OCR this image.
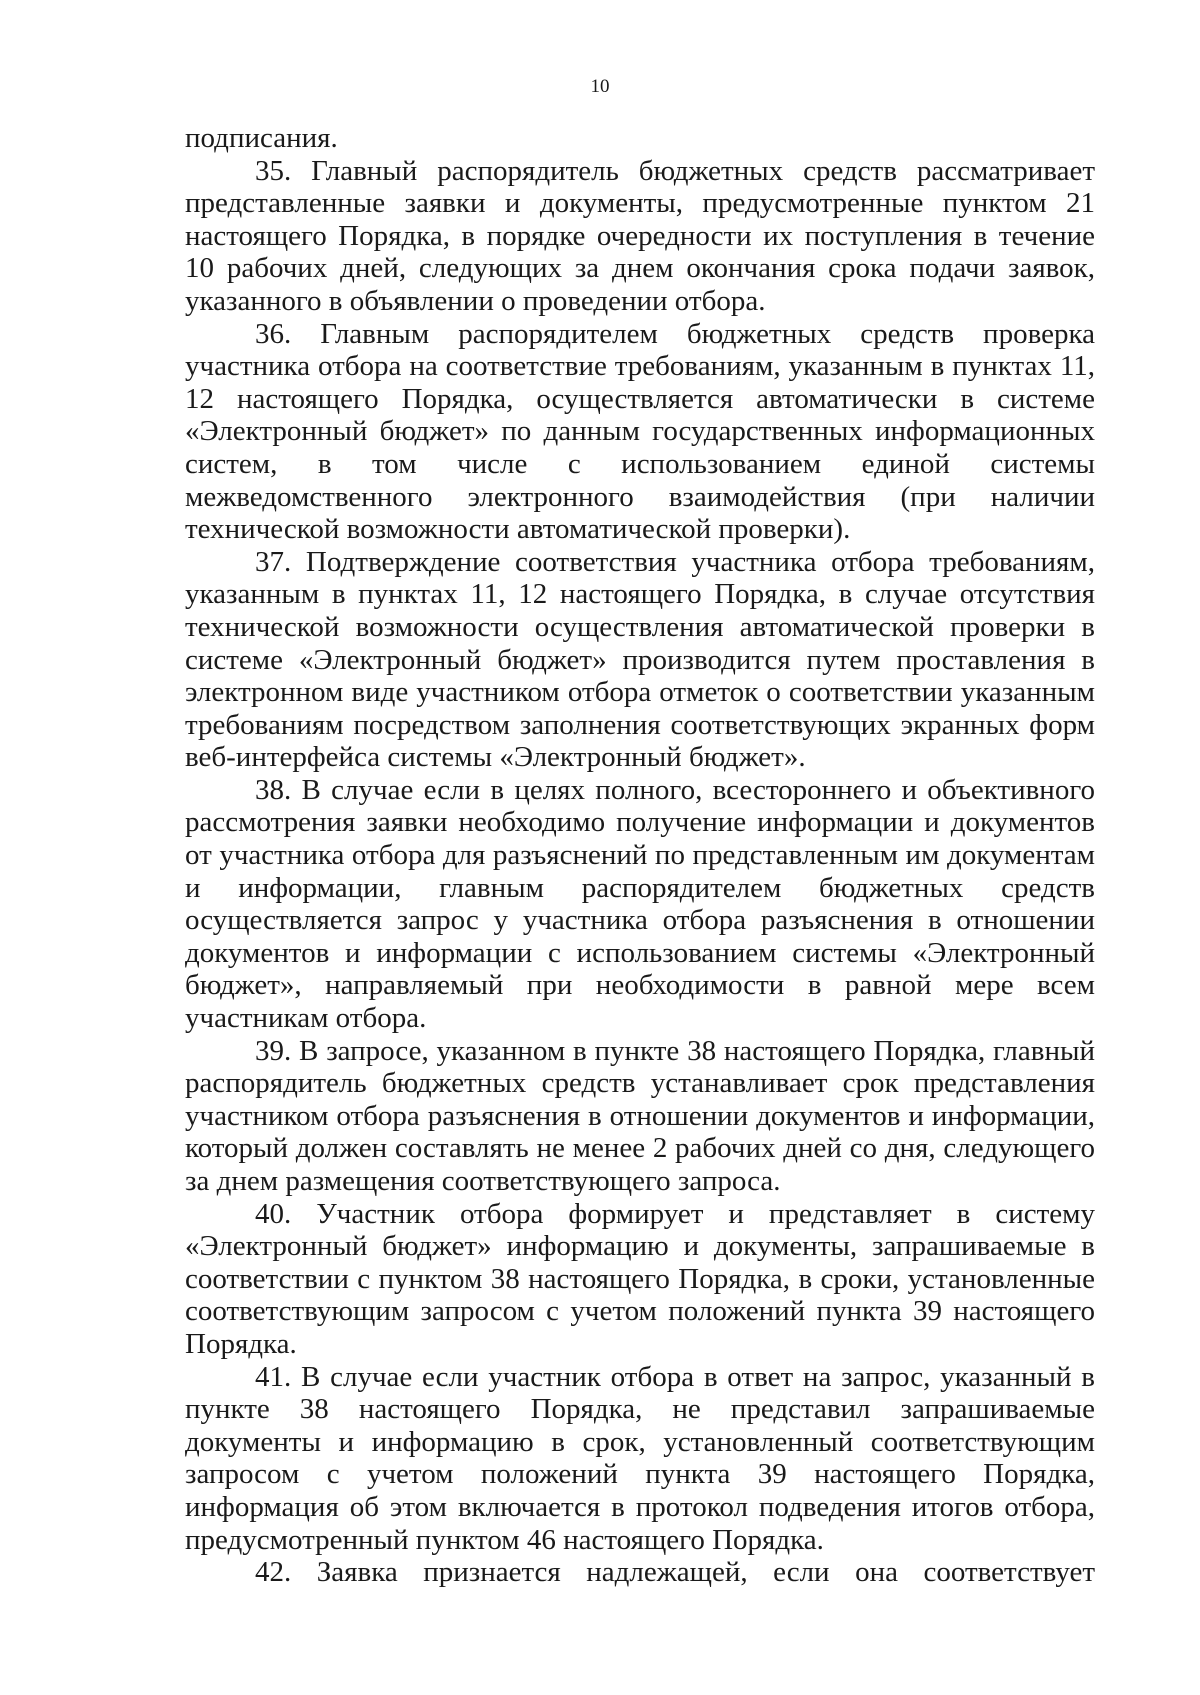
10

подписания.

35. Главный распорядитель бюджетных средств рассматривает представленные заявки и документы, предусмотренные пунктом 21 настоящего Порядка, в порядке очередности их поступления в течение 10 рабочих дней, следующих за днем окончания срока подачи заявок, указанного в объявлении о проведении отбора.

36. Главным распорядителем бюджетных средств проверка участника отбора на соответствие требованиям, указанным в пунктах 11, 12 настоящего Порядка, осуществляется автоматически в системе «Электронный бюджет» по данным государственных информационных систем, в том числе с использованием единой системы межведомственного электронного взаимодействия (при наличии технической возможности автоматической проверки).

37. Подтверждение соответствия участника отбора требованиям, указанным в пунктах 11, 12 настоящего Порядка, в случае отсутствия технической возможности осуществления автоматической проверки в системе «Электронный бюджет» производится путем проставления в электронном виде участником отбора отметок о соответствии указанным требованиям посредством заполнения соответствующих экранных форм веб-интерфейса системы «Электронный бюджет».

38. В случае если в целях полного, всестороннего и объективного рассмотрения заявки необходимо получение информации и документов от участника отбора для разъяснений по представленным им документам и информации, главным распорядителем бюджетных средств осуществляется запрос у участника отбора разъяснения в отношении документов и информации с использованием системы «Электронный бюджет», направляемый при необходимости в равной мере всем участникам отбора.

39. В запросе, указанном в пункте 38 настоящего Порядка, главный распорядитель бюджетных средств устанавливает срок представления участником отбора разъяснения в отношении документов и информации, который должен составлять не менее 2 рабочих дней со дня, следующего за днем размещения соответствующего запроса.

40. Участник отбора формирует и представляет в систему «Электронный бюджет» информацию и документы, запрашиваемые в соответствии с пунктом 38 настоящего Порядка, в сроки, установленные соответствующим запросом с учетом положений пункта 39 настоящего Порядка.

41. В случае если участник отбора в ответ на запрос, указанный в пункте 38 настоящего Порядка, не представил запрашиваемые документы и информацию в срок, установленный соответствующим запросом с учетом положений пункта 39 настоящего Порядка, информация об этом включается в протокол подведения итогов отбора, предусмотренный пунктом 46 настоящего Порядка.

42. Заявка признается надлежащей, если она соответствует
